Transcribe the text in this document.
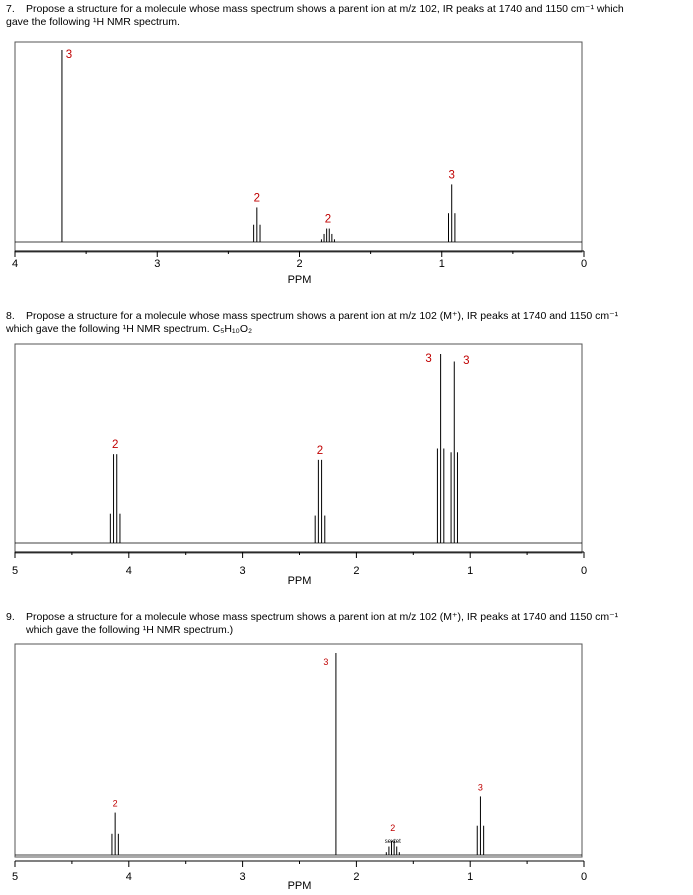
7. Propose a structure for a molecule whose mass spectrum shows a parent ion at m/z 102, IR peaks at 1740 and 1150 cm⁻¹ which
gave the following ¹H NMR spectrum.
8. Propose a structure for a molecule whose mass spectrum shows a parent ion at m/z 102 (M⁺), IR peaks at 1740 and 1150 cm⁻¹
which gave the following ¹H NMR spectrum. C₅H₁₀O₂
9. Propose a structure for a molecule whose mass spectrum shows a parent ion at m/z 102 (M⁺), IR peaks at 1740 and 1150 cm⁻¹
which gave the following ¹H NMR spectrum.)
4	3	2	1	0
PPM
3
2
2
3
5	4	3	2	1	0
PPM
2	2
3	3
5	4	3	2	1	0
PPM
2
3
2
sextet
3
